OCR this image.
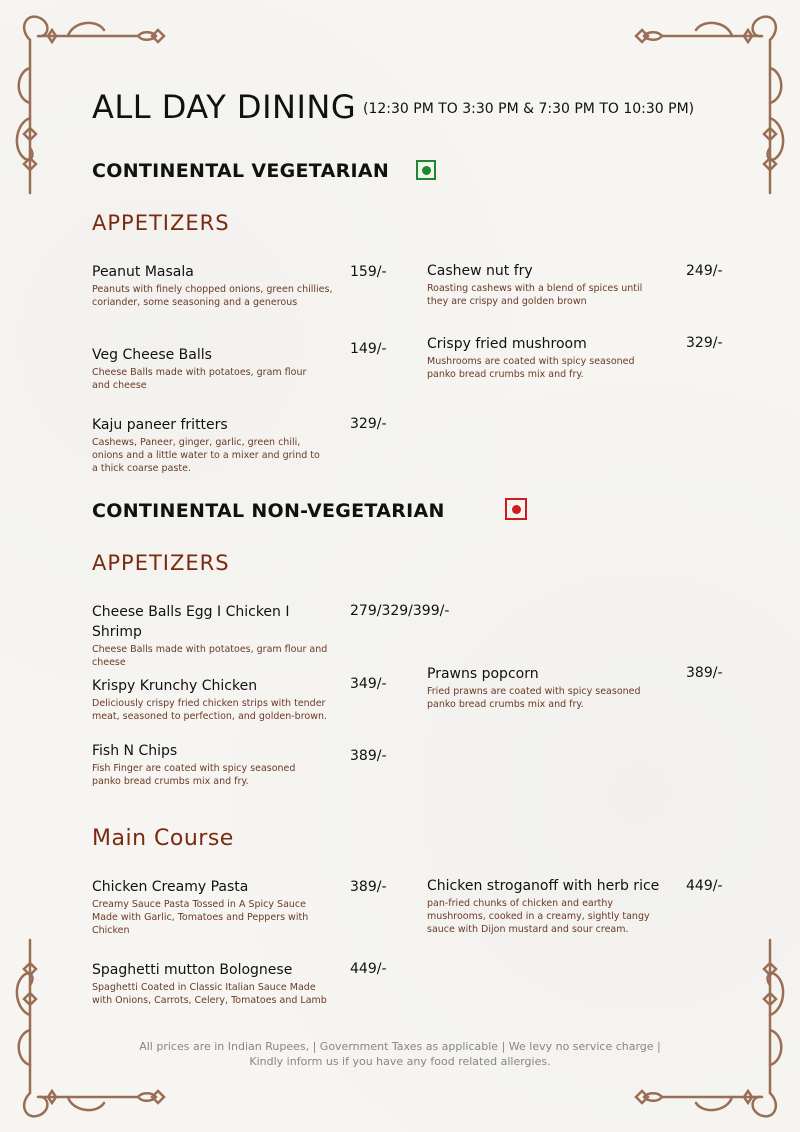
ALL DAY DINING (12:30 PM TO 3:30 PM & 7:30 PM TO 10:30 PM)
CONTINENTAL VEGETARIAN
APPETIZERS
Peanut Masala
Peanuts with finely chopped onions, green chillies, coriander, some seasoning and a generous
159/-
Veg Cheese Balls
Cheese Balls made with potatoes, gram flour and cheese
149/-
Kaju paneer fritters
Cashews, Paneer, ginger, garlic, green chili, onions and a little water to a mixer and grind to a thick coarse paste.
329/-
Cashew nut fry
Roasting cashews with a blend of spices until they are crispy and golden brown
249/-
Crispy fried mushroom
Mushrooms are coated with spicy seasoned panko bread crumbs mix and fry.
329/-
CONTINENTAL NON-VEGETARIAN
APPETIZERS
Cheese Balls Egg I Chicken I Shrimp
Cheese Balls made with potatoes, gram flour and cheese
279/329/399/-
Krispy Krunchy Chicken
Deliciously crispy fried chicken strips with tender meat, seasoned to perfection, and golden-brown.
349/-
Fish N Chips
Fish Finger are coated with spicy seasoned panko bread crumbs mix and fry.
389/-
Prawns popcorn
Fried prawns are coated with spicy seasoned panko bread crumbs mix and fry.
389/-
Main Course
Chicken Creamy Pasta
Creamy Sauce Pasta Tossed in A Spicy Sauce Made with Garlic, Tomatoes and Peppers with Chicken
389/-
Spaghetti mutton Bolognese
Spaghetti Coated in Classic Italian Sauce Made with Onions, Carrots, Celery, Tomatoes and Lamb
449/-
Chicken stroganoff with herb rice
pan-fried chunks of chicken and earthy mushrooms, cooked in a creamy, sightly tangy sauce with Dijon mustard and sour cream.
449/-
All prices are in Indian Rupees, | Government Taxes as applicable | We levy no service charge |
Kindly inform us if you have any food related allergies.
